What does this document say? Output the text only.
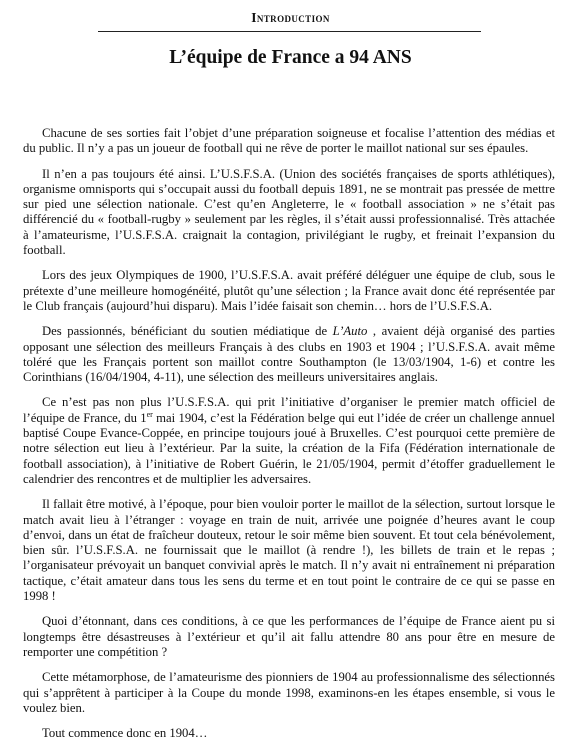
Introduction
L’équipe de France a 94 ANS

Chacune de ses sorties fait l’objet d’une préparation soigneuse et focalise l’attention des médias et du public. Il n’y a pas un joueur de football qui ne rêve de porter le maillot national sur ses épaules.

Il n’en a pas toujours été ainsi. L’U.S.F.S.A. (Union des sociétés françaises de sports athlétiques), organisme omnisports qui s’occupait aussi du football depuis 1891, ne se montrait pas pressée de mettre sur pied une sélection nationale. C’est qu’en Angleterre, le « football association » ne s’était pas différencié du « football-rugby » seulement par les règles, il s’était aussi professionnalisé. Très attachée à l’amateurisme, l’U.S.F.S.A. craignait la contagion, privilégiant le rugby, et freinait l’expansion du football.

Lors des jeux Olympiques de 1900, l’U.S.F.S.A. avait préféré déléguer une équipe de club, sous le prétexte d’une meilleure homogénéité, plutôt qu’une sélection ; la France avait donc été représentée par le Club français (aujourd’hui disparu). Mais l’idée faisait son chemin… hors de l’U.S.F.S.A.

Des passionnés, bénéficiant du soutien médiatique de L’Auto , avaient déjà organisé des parties opposant une sélection des meilleurs Français à des clubs en 1903 et 1904 ; l’U.S.F.S.A. avait même toléré que les Français portent son maillot contre Southampton (le 13/03/1904, 1-6) et contre les Corinthians (16/04/1904, 4-11), une sélection des meilleurs universitaires anglais.

Ce n’est pas non plus l’U.S.F.S.A. qui prit l’initiative d’organiser le premier match officiel de l’équipe de France, du 1er mai 1904, c’est la Fédération belge qui eut l’idée de créer un challenge annuel baptisé Coupe Evance-Coppée, en principe toujours joué à Bruxelles. C’est pourquoi cette première de notre sélection eut lieu à l’extérieur. Par la suite, la création de la Fifa (Fédération internationale de football association), à l’initiative de Robert Guérin, le 21/05/1904, permit d’étoffer graduellement le calendrier des rencontres et de multiplier les adversaires.

Il fallait être motivé, à l’époque, pour bien vouloir porter le maillot de la sélection, surtout lorsque le match avait lieu à l’étranger : voyage en train de nuit, arrivée une poignée d’heures avant le coup d’envoi, dans un état de fraîcheur douteux, retour le soir même bien souvent. Et tout cela bénévolement, bien sûr. l’U.S.F.S.A. ne fournissait que le maillot (à rendre !), les billets de train et le repas ; l’organisateur prévoyait un banquet convivial après le match. Il n’y avait ni entraînement ni préparation tactique, c’était amateur dans tous les sens du terme et en tout point le contraire de ce qui se passe en 1998 !

Quoi d’étonnant, dans ces conditions, à ce que les performances de l’équipe de France aient pu si longtemps être désastreuses à l’extérieur et qu’il ait fallu attendre 80 ans pour être en mesure de remporter une compétition ?

Cette métamorphose, de l’amateurisme des pionniers de 1904 au professionnalisme des sélectionnés qui s’apprêtent à participer à la Coupe du monde 1998, examinons-en les étapes ensemble, si vous le voulez bien.

Tout commence donc en 1904…
